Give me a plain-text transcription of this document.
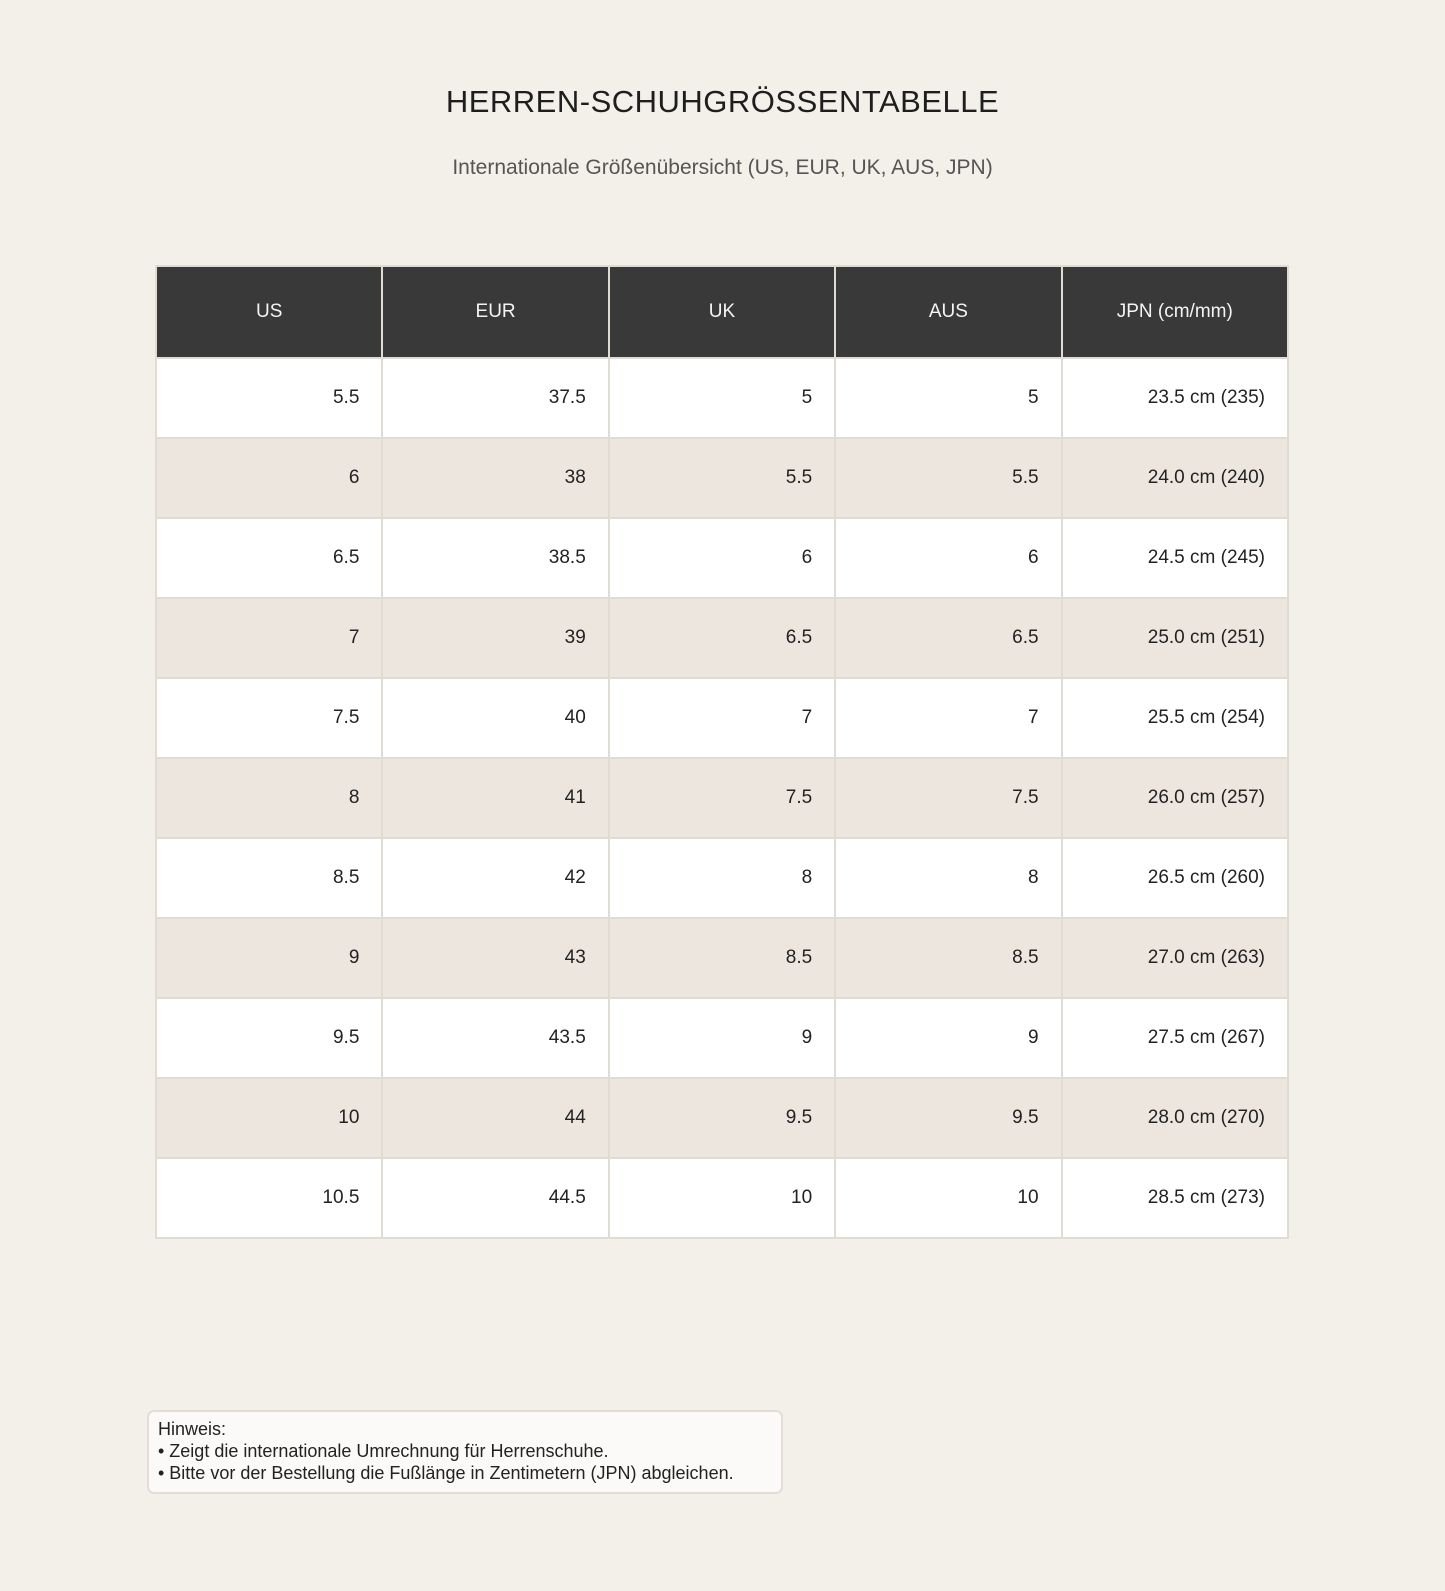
HERREN-SCHUHGRÖSSENTABELLE
Internationale Größenübersicht (US, EUR, UK, AUS, JPN)
US	EUR	UK	AUS	JPN (cm/mm)
5.5	37.5	5	5	23.5 cm (235)
6	38	5.5	5.5	24.0 cm (240)
6.5	38.5	6	6	24.5 cm (245)
7	39	6.5	6.5	25.0 cm (251)
7.5	40	7	7	25.5 cm (254)
8	41	7.5	7.5	26.0 cm (257)
8.5	42	8	8	26.5 cm (260)
9	43	8.5	8.5	27.0 cm (263)
9.5	43.5	9	9	27.5 cm (267)
10	44	9.5	9.5	28.0 cm (270)
10.5	44.5	10	10	28.5 cm (273)
Hinweis:
• Zeigt die internationale Umrechnung für Herrenschuhe.
• Bitte vor der Bestellung die Fußlänge in Zentimetern (JPN) abgleichen.
